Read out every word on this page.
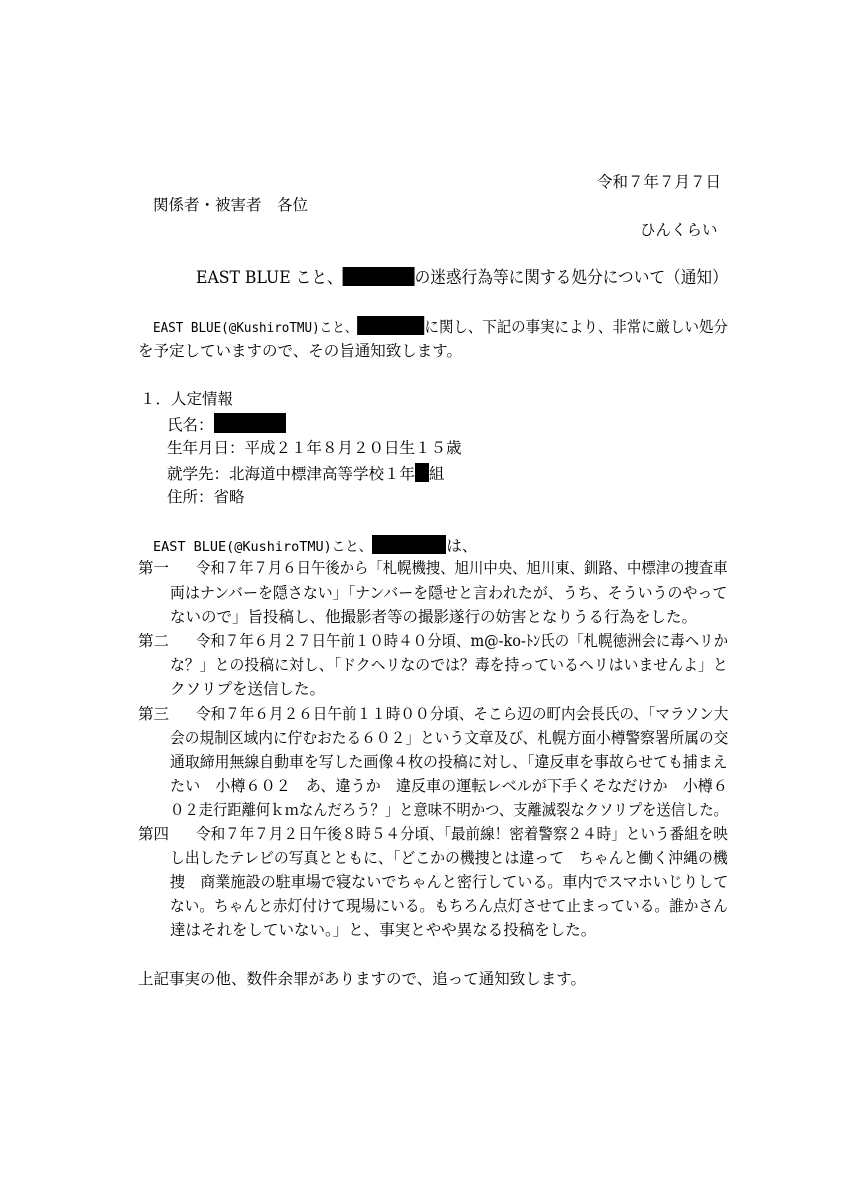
令和７年７月７日
関係者・被害者　各位
ひんくらい
EAST BLUE こと、	の迷惑行為等に関する処分について（通知）
EAST BLUE(@KushiroTMU)こと、	に関し、下記の事実により、非常に厳しい処分
を予定していますので、その旨通知致します。
１．人定情報
氏名：
生年月日：平成２１年８月２０日生１５歳
就学先：北海道中標津高等学校１年 組
住所：省略
EAST BLUE(@KushiroTMU)こと、	は、
第一 令和７年７月６日午後から「札幌機捜、旭川中央、旭川東、釧路、中標津の捜査車
両はナンバーを隠さない」「ナンバーを隠せと言われたが、うち、そういうのやって
ないので」旨投稿し、他撮影者等の撮影遂行の妨害となりうる行為をした。
第二 令和７年６月２７日午前１０時４０分頃、m@-ko-ﾄﾝ氏の「札幌徳洲会に毒ヘリか
な？」との投稿に対し、「ドクヘリなのでは？毒を持っているヘリはいませんよ」と
クソリプを送信した。
第三 令和７年６月２６日午前１１時００分頃、そこら辺の町内会長氏の、「マラソン大
会の規制区域内に佇むおたる６０２」という文章及び、札幌方面小樽警察署所属の交
通取締用無線自動車を写した画像４枚の投稿に対し、「違反車を事故らせても捕まえ
たい　小樽６０２　あ、違うか　違反車の運転レベルが下手くそなだけか　小樽６
０２走行距離何ｋｍなんだろう？」と意味不明かつ、支離滅裂なクソリプを送信した。
第四 令和７年７月２日午後８時５４分頃、「最前線！密着警察２４時」という番組を映
し出したテレビの写真とともに、「どこかの機捜とは違って　ちゃんと働く沖縄の機
捜　商業施設の駐車場で寝ないでちゃんと密行している。車内でスマホいじりして
ない。ちゃんと赤灯付けて現場にいる。もちろん点灯させて止まっている。誰かさん
達はそれをしていない。」と、事実とやや異なる投稿をした。
上記事実の他、数件余罪がありますので、追って通知致します。
